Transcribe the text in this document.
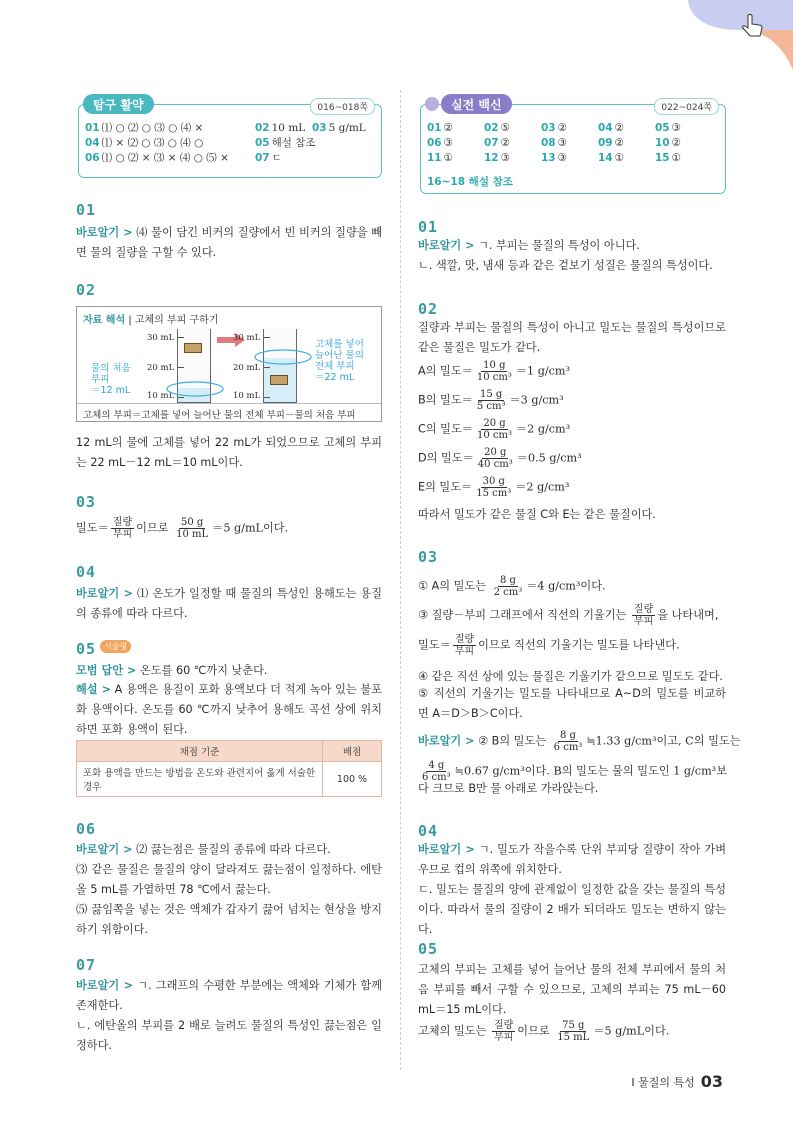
탐구 활약	016~018쪽
01 ⑴ ○ ⑵ ○ ⑶ ○ ⑷ ×
04 ⑴ × ⑵ ○ ⑶ ○ ⑷ ○
06 ⑴ ○ ⑵ × ⑶ × ⑷ ○ ⑸ ×
02 10 mL 03 5 g/mL
05 해설 참조
07 ㄷ
실전 백신	022~024쪽
01 ②	02 ⑤	03 ②	04 ②	05 ③
06 ③	07 ②	08 ③	09 ②	10 ②
11 ①	12 ③	13 ③	14 ①	15 ①
16~18 해설 참조
01
바로알기 > ⑷ 물이 담긴 비커의 질량에서 빈 비커의 질량을 빼면 물의 질량을 구할 수 있다.
02
자료 해석 | 고체의 부피 구하기
30 mL
20 mL
10 mL
물의 처음
부피
＝12 mL
30 mL
20 mL
10 mL
고체를 넣어
늘어난 물의
전체 부피
＝22 mL
고체의 부피＝고체를 넣어 늘어난 물의 전체 부피－물의 처음 부피
12 mL의 물에 고체를 넣어 22 mL가 되었으므로 고체의 부피는 22 mL－12 mL＝10 mL이다.
03
밀도＝ $\frac{\text{질량}}{\text{부피}}$ 이므로 $\frac{50 g}{10 mL} =5$ g/mL이다.
04
바로알기 > ⑴ 온도가 일정할 때 물질의 특성인 용해도는 용질의 종류에 따라 다르다.
05 서술형
모범 답안 > 온도를 60 ℃까지 낮춘다.
해설 > A 용액은 용질이 포화 용액보다 더 적게 녹아 있는 불포화 용액이다. 온도를 60 ℃까지 낮추어 용해도 곡선 상에 위치하면 포화 용액이 된다.
채점 기준	배점
포화 용액을 만드는 방법을 온도와 관련지어 옳게 서술한 경우	100 %
06
바로알기 > ⑵ 끓는점은 물질의 종류에 따라 다르다.
⑶ 같은 물질은 물질의 양이 달라져도 끓는점이 일정하다. 에탄올 5 mL를 가열하면 78 ℃에서 끓는다.
⑸ 끓임쪽을 넣는 것은 액체가 갑자기 끓어 넘치는 현상을 방지하기 위함이다.
07
바로알기 > ㄱ. 그래프의 수평한 부분에는 액체와 기체가 함께 존재한다.
ㄴ. 에탄올의 부피를 2 배로 늘려도 물질의 특성인 끓는점은 일정하다.
01
바로알기 > ㄱ. 부피는 물질의 특성이 아니다.
ㄴ. 색깔, 맛, 냄새 등과 같은 겉보기 성질은 물질의 특성이다.
02
질량과 부피는 물질의 특성이 아니고 밀도는 물질의 특성이므로 같은 물질은 밀도가 같다.
A의 밀도＝ $\frac{10 g}{\text{10 cm³}} =1$ g/cm³
B의 밀도＝ $\frac{15 g}{\text{5 cm³}} =3$ g/cm³
C의 밀도＝ $\frac{20 g}{\text{10 cm³}} =2$ g/cm³
D의 밀도＝ $\frac{20 g}{\text{40 cm³}} =0.5$ g/cm³
E의 밀도＝ $\frac{30 g}{\text{15 cm³}} =2$ g/cm³
따라서 밀도가 같은 물질 C와 E는 같은 물질이다.
03
① A의 밀도는 $\frac{8 g}{\text{2 cm³}} =4$ g/cm³이다.
③ 질량－부피 그래프에서 직선의 기울기는 $\frac{\text{질량}}{\text{부피}}$ 을 나타내며,
밀도＝ $\frac{\text{질량}}{\text{부피}}$ 이므로 직선의 기울기는 밀도를 나타낸다.
④ 같은 직선 상에 있는 물질은 기울기가 같으므로 밀도도 같다.
⑤ 직선의 기울기는 밀도를 나타내므로 A~D의 밀도를 비교하면 A＝D＞B＞C이다.
바로알기 > ② B의 밀도는 $\frac{8 g}{\text{6 cm³}}$ ≒1.33 g/cm³이고, C의 밀도는
$\frac{4 g}{\text{6 cm³}}$ ≒0.67 g/cm³이다. B의 밀도는 물의 밀도인 1 g/cm³보
다 크므로 B만 물 아래로 가라앉는다.
04
바로알기 > ㄱ. 밀도가 작을수록 단위 부피당 질량이 작아 가벼우므로 컵의 위쪽에 위치한다.
ㄷ. 밀도는 물질의 양에 관계없이 일정한 값을 갖는 물질의 특성이다. 따라서 물의 질량이 2 배가 되더라도 밀도는 변하지 않는다.
05
고체의 부피는 고체를 넣어 늘어난 물의 전체 부피에서 물의 처음 부피를 빼서 구할 수 있으므로, 고체의 부피는 75 mL－60 mL＝15 mL이다.
고체의 밀도는 $\frac{\text{질량}}{\text{부피}}$ 이므로 $\frac{75 g}{15 mL} =5$ g/mL이다.
Ⅰ 물질의 특성 03
